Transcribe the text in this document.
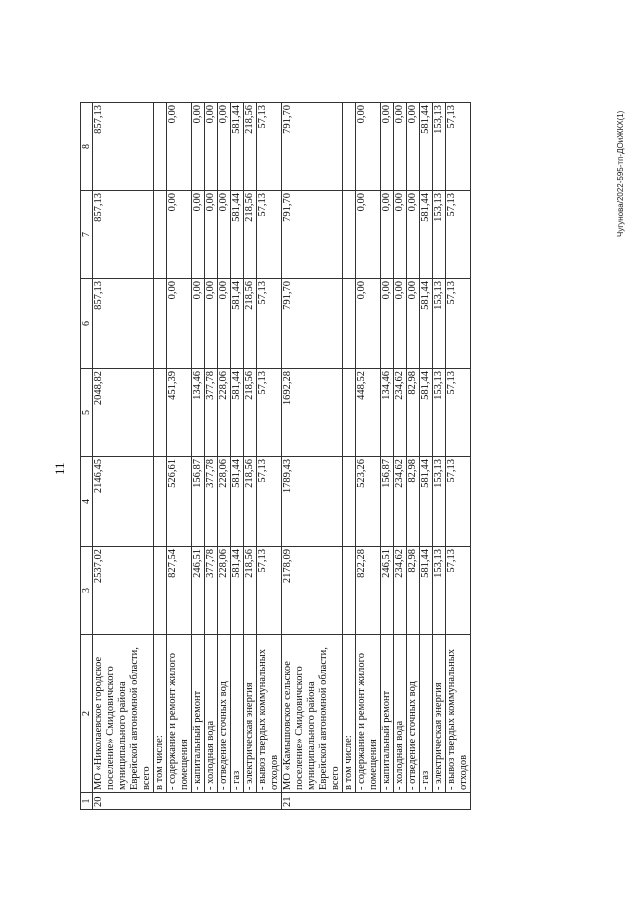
11
Чугунова/2022-595-тп-ДОиЖКХ(1)
1	2	3	4	5	6	7	8
20	МО «Николаевское городское поселение» Смидовичского муниципального района Еврейской автономной области, всего	2537,02	2146,45	2048,82	857,13	857,13	857,13
	в том числе:						

	- содержание и ремонт жилого помещения	827,54	526,61	451,39	0,00	0,00	0,00

	- капитальный ремонт	246,51	156,87	134,46	0,00	0,00	0,00

	- холодная вода	377,78	377,78	377,78	0,00	0,00	0,00

	- отведение сточных вод	228,06	228,06	228,06	0,00	0,00	0,00

	- газ	581,44	581,44	581,44	581,44	581,44	581,44

	- электрическая энергия	218,56	218,56	218,56	218,56	218,56	218,56

	- вывоз твердых коммунальных отходов	57,13	57,13	57,13	57,13	57,13	57,13
21	МО «Камышовское сельское поселение» Смидовичского муниципального района Еврейской автономной области, всего	2178,09	1789,43	1692,28	791,70	791,70	791,70
	в том числе:						

	- содержание и ремонт жилого помещения	822,28	523,26	448,52	0,00	0,00	0,00

	- капитальный ремонт	246,51	156,87	134,46	0,00	0,00	0,00

	- холодная вода	234,62	234,62	234,62	0,00	0,00	0,00

	- отведение сточных вод	82,98	82,98	82,98	0,00	0,00	0,00

	- газ	581,44	581,44	581,44	581,44	581,44	581,44

	- электрическая энергия	153,13	153,13	153,13	153,13	153,13	153,13

	- вывоз твердых коммунальных отходов	57,13	57,13	57,13	57,13	57,13	57,13
